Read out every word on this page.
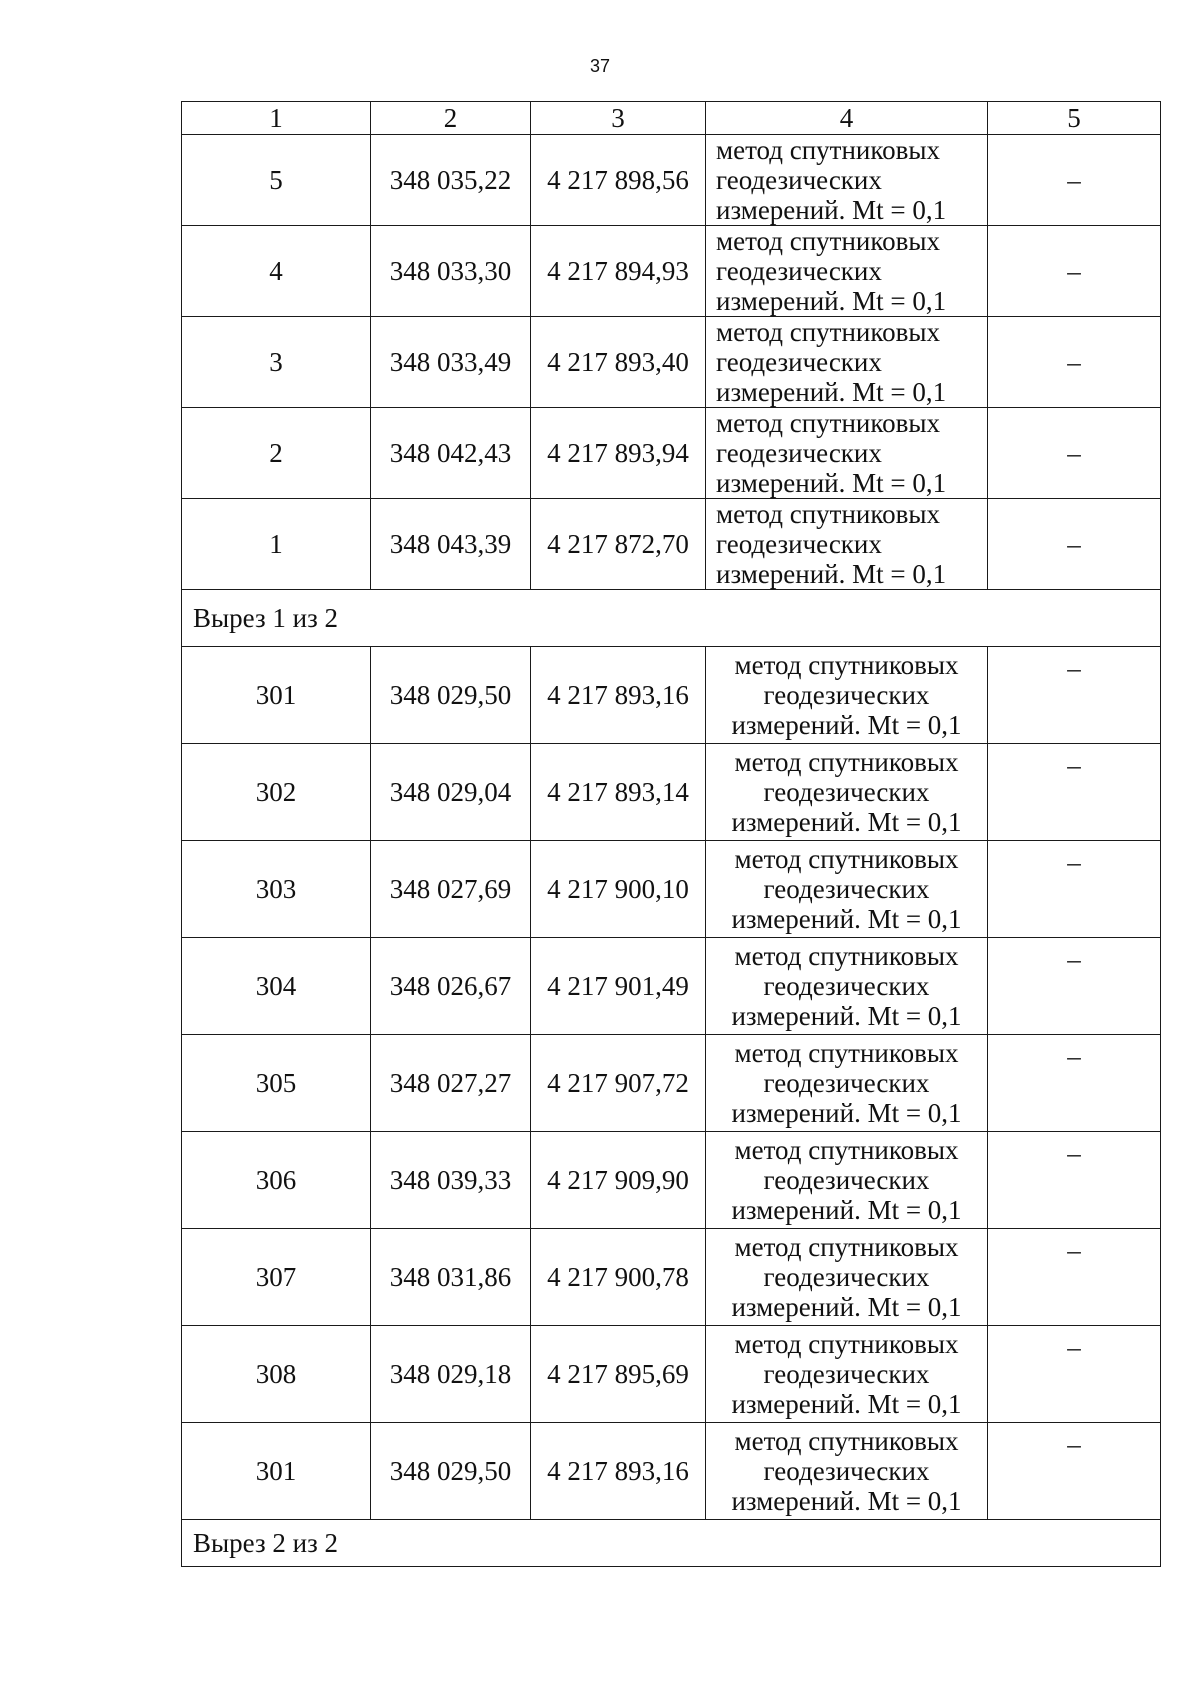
37
1	2	3	4	5
5	348 035,22	4 217 898,56	метод спутниковых
геодезических
измерений. Mt = 0,1	–
4	348 033,30	4 217 894,93	метод спутниковых
геодезических
измерений. Mt = 0,1	–
3	348 033,49	4 217 893,40	метод спутниковых
геодезических
измерений. Mt = 0,1	–
2	348 042,43	4 217 893,94	метод спутниковых
геодезических
измерений. Mt = 0,1	–
1	348 043,39	4 217 872,70	метод спутниковых
геодезических
измерений. Mt = 0,1	–
Вырез 1 из 2				
301	348 029,50	4 217 893,16	метод спутниковых
геодезических
измерений. Mt = 0,1	–
302	348 029,04	4 217 893,14	метод спутниковых
геодезических
измерений. Mt = 0,1	–
303	348 027,69	4 217 900,10	метод спутниковых
геодезических
измерений. Mt = 0,1	–
304	348 026,67	4 217 901,49	метод спутниковых
геодезических
измерений. Mt = 0,1	–
305	348 027,27	4 217 907,72	метод спутниковых
геодезических
измерений. Mt = 0,1	–
306	348 039,33	4 217 909,90	метод спутниковых
геодезических
измерений. Mt = 0,1	–
307	348 031,86	4 217 900,78	метод спутниковых
геодезических
измерений. Mt = 0,1	–
308	348 029,18	4 217 895,69	метод спутниковых
геодезических
измерений. Mt = 0,1	–
301	348 029,50	4 217 893,16	метод спутниковых
геодезических
измерений. Mt = 0,1	–
Вырез 2 из 2				
